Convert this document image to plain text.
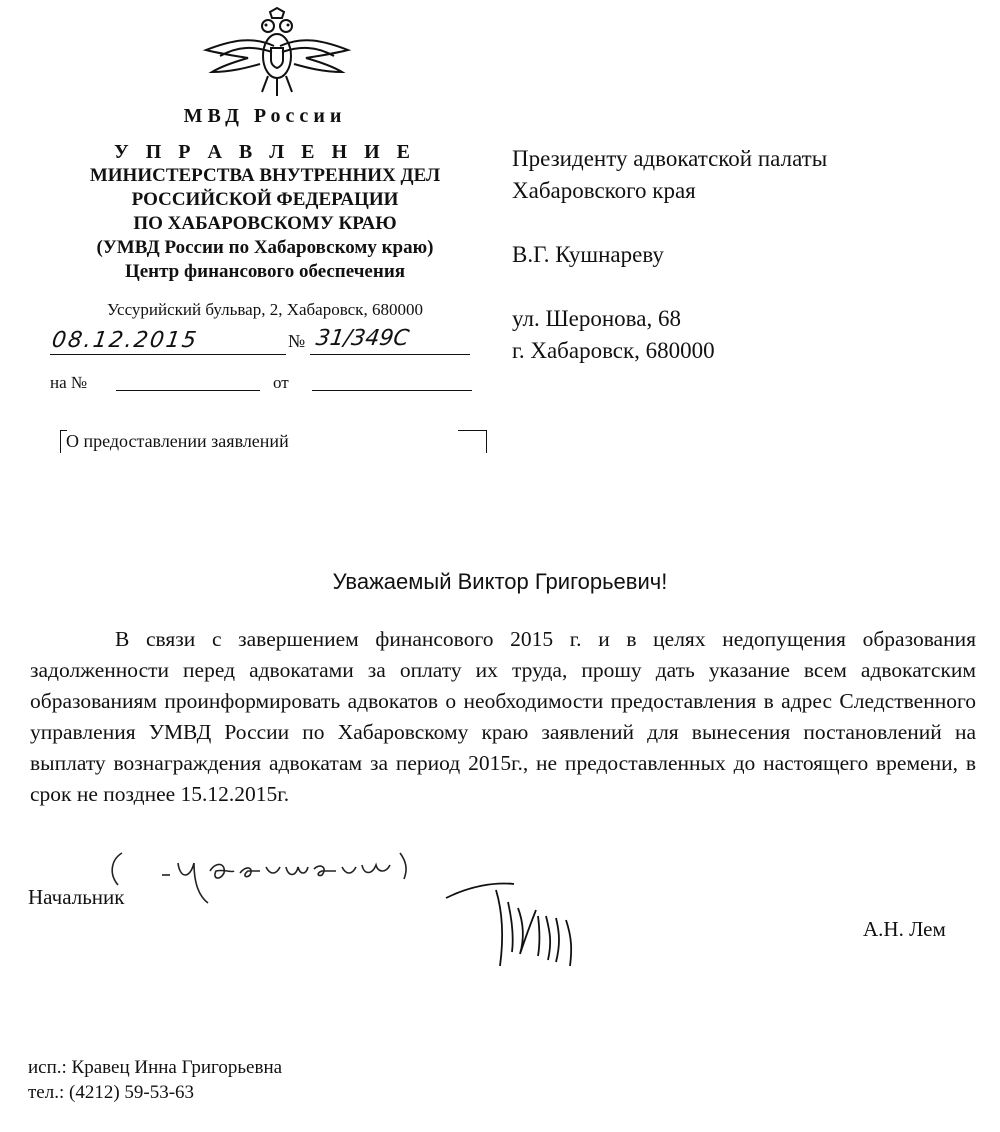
МВД России
У П Р А В Л Е Н И Е
МИНИСТЕРСТВА ВНУТРЕННИХ ДЕЛ
РОССИЙСКОЙ ФЕДЕРАЦИИ
ПО ХАБАРОВСКОМУ КРАЮ
(УМВД России по Хабаровскому краю)
Центр финансового обеспечения
Уссурийский бульвар, 2, Хабаровск, 680000
08.12.2015	№ 31/349С
на №	от
О предоставлении заявлений
Президенту адвокатской палаты
Хабаровского края
В.Г. Кушнареву
ул. Шеронова, 68
г. Хабаровск, 680000
Уважаемый Виктор Григорьевич!
В связи с завершением финансового 2015 г. и в целях недопущения образования задолженности перед адвокатами за оплату их труда, прошу дать указание всем адвокатским образованиям проинформировать адвокатов о необходимости предоставления в адрес Следственного управления УМВД России по Хабаровскому краю заявлений для вынесения постановлений на выплату вознаграждения адвокатам за период 2015г., не предоставленных до настоящего времени, в срок не позднее 15.12.2015г.
Начальник
А.Н. Лем
исп.: Кравец Инна Григорьевна
тел.: (4212) 59-53-63
